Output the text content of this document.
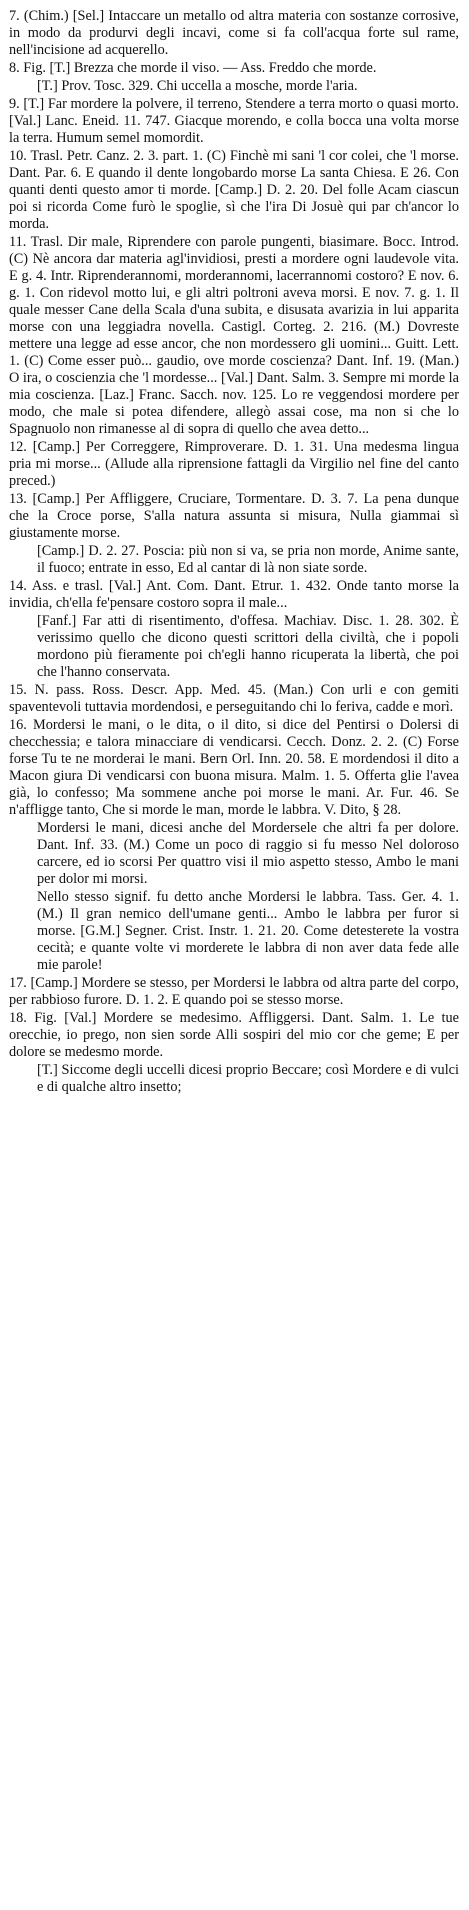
7. (Chim.) [Sel.] Intaccare un metallo od altra materia con sostanze corrosive, in modo da produrvi degli incavi, come si fa coll'acqua forte sul rame, nell'incisione ad acquerello.

8. Fig. [T.] Brezza che morde il viso. — Ass. Freddo che morde.

[T.] Prov. Tosc. 329. Chi uccella a mosche, morde l'aria.

9. [T.] Far mordere la polvere, il terreno, Stendere a terra morto o quasi morto. [Val.] Lanc. Eneid. 11. 747. Giacque morendo, e colla bocca una volta morse la terra. Humum semel momordit.

10. Trasl. Petr. Canz. 2. 3. part. 1. (C) Finchè mi sani 'l cor colei, che 'l morse. Dant. Par. 6. E quando il dente longobardo morse La santa Chiesa. E 26. Con quanti denti questo amor ti morde. [Camp.] D. 2. 20. Del folle Acam ciascun poi si ricorda Come furò le spoglie, sì che l'ira Di Josuè qui par ch'ancor lo morda.

11. Trasl. Dir male, Riprendere con parole pungenti, biasimare. Bocc. Introd. (C) Nè ancora dar materia agl'invidiosi, presti a mordere ogni laudevole vita. E g. 4. Intr. Riprenderannomi, morderannomi, lacerrannomi costoro? E nov. 6. g. 1. Con ridevol motto lui, e gli altri poltroni aveva morsi. E nov. 7. g. 1. Il quale messer Cane della Scala d'una subita, e disusata avarizia in lui apparita morse con una leggiadra novella. Castigl. Corteg. 2. 216. (M.) Dovreste mettere una legge ad esse ancor, che non mordessero gli uomini... Guitt. Lett. 1. (C) Come esser può... gaudio, ove morde coscienza? Dant. Inf. 19. (Man.) O ira, o coscienzia che 'l mordesse... [Val.] Dant. Salm. 3. Sempre mi morde la mia coscienza. [Laz.] Franc. Sacch. nov. 125. Lo re veggendosi mordere per modo, che male si potea difendere, allegò assai cose, ma non si che lo Spagnuolo non rimanesse al di sopra di quello che avea detto...

12. [Camp.] Per Correggere, Rimproverare. D. 1. 31. Una medesma lingua pria mi morse... (Allude alla riprensione fattagli da Virgilio nel fine del canto preced.)

13. [Camp.] Per Affliggere, Cruciare, Tormentare. D. 3. 7. La pena dunque che la Croce porse, S'alla natura assunta si misura, Nulla giammai sì giustamente morse.

[Camp.] D. 2. 27. Poscia: più non si va, se pria non morde, Anime sante, il fuoco; entrate in esso, Ed al cantar di là non siate sorde.

14. Ass. e trasl. [Val.] Ant. Com. Dant. Etrur. 1. 432. Onde tanto morse la invidia, ch'ella fe'pensare costoro sopra il male...

[Fanf.] Far atti di risentimento, d'offesa. Machiav. Disc. 1. 28. 302. È verissimo quello che dicono questi scrittori della civiltà, che i popoli mordono più fieramente poi ch'egli hanno ricuperata la libertà, che poi che l'hanno conservata.

15. N. pass. Ross. Descr. App. Med. 45. (Man.) Con urli e con gemiti spaventevoli tuttavia mordendosi, e perseguitando chi lo feriva, cadde e morì.

16. Mordersi le mani, o le dita, o il dito, si dice del Pentirsi o Dolersi di checchessia; e talora minacciare di vendicarsi. Cecch. Donz. 2. 2. (C) Forse forse Tu te ne morderai le mani. Bern Orl. Inn. 20. 58. E mordendosi il dito a Macon giura Di vendicarsi con buona misura. Malm. 1. 5. Offerta glie l'avea già, lo confesso; Ma sommene anche poi morse le mani. Ar. Fur. 46. Se n'affligge tanto, Che si morde le man, morde le labbra. V. Dito, § 28.

Mordersi le mani, dicesi anche del Mordersele che altri fa per dolore. Dant. Inf. 33. (M.) Come un poco di raggio si fu messo Nel doloroso carcere, ed io scorsi Per quattro visi il mio aspetto stesso, Ambo le mani per dolor mi morsi.

Nello stesso signif. fu detto anche Mordersi le labbra. Tass. Ger. 4. 1. (M.) Il gran nemico dell'umane genti... Ambo le labbra per furor si morse. [G.M.] Segner. Crist. Instr. 1. 21. 20. Come detesterete la vostra cecità; e quante volte vi morderete le labbra di non aver data fede alle mie parole!

17. [Camp.] Mordere se stesso, per Mordersi le labbra od altra parte del corpo, per rabbioso furore. D. 1. 2. E quando poi se stesso morse.

18. Fig. [Val.] Mordere se medesimo. Affliggersi. Dant. Salm. 1. Le tue orecchie, io prego, non sien sorde Alli sospiri del mio cor che geme; E per dolore se medesmo morde.

[T.] Siccome degli uccelli dicesi proprio Beccare; così Mordere e di vulci e di qualche altro insetto;
